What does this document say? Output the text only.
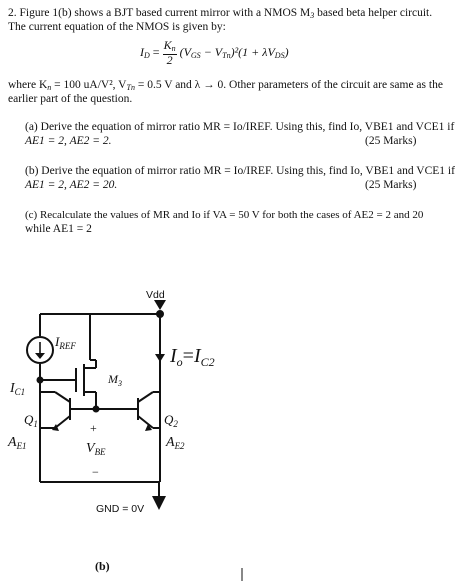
2. Figure 1(b) shows a BJT based current mirror with a NMOS $M_3$ based beta helper circuit.
The current equation of the NMOS is given by:
$I_D = \frac{K_n}{2} (V_{GS} - V_{Tn})^2(1 + \lambda V_{DS})$
where $K_n = 100$ uA/V², $V_{Tn} = 0.5$ V and λ → 0. Other parameters of the circuit are same as the
earlier part of the question.
(a) Derive the equation of mirror ratio MR = Io/IREF. Using this, find Io, VBE1 and VCE1 if
AE1 = 2, AE2 = 2.	(25 Marks)
(b) Derive the equation of mirror ratio MR = Io/IREF. Using this, find Io, VBE1 and VCE1 if
AE1 = 2, AE2 = 20.	(25 Marks)
(c) Recalculate the values of MR and Io if VA = 50 V for both the cases of AE2 = 2 and 20
while AE1 = 2
Vdd
$I_{REF}$
$M_3$
$I_{C1}$
$Q_1$
$A_{E1}$
+
$V_{BE}$
−
$Q_2$
$A_{E2}$
$I_o=I_{C2}$
GND = 0V
(b)
